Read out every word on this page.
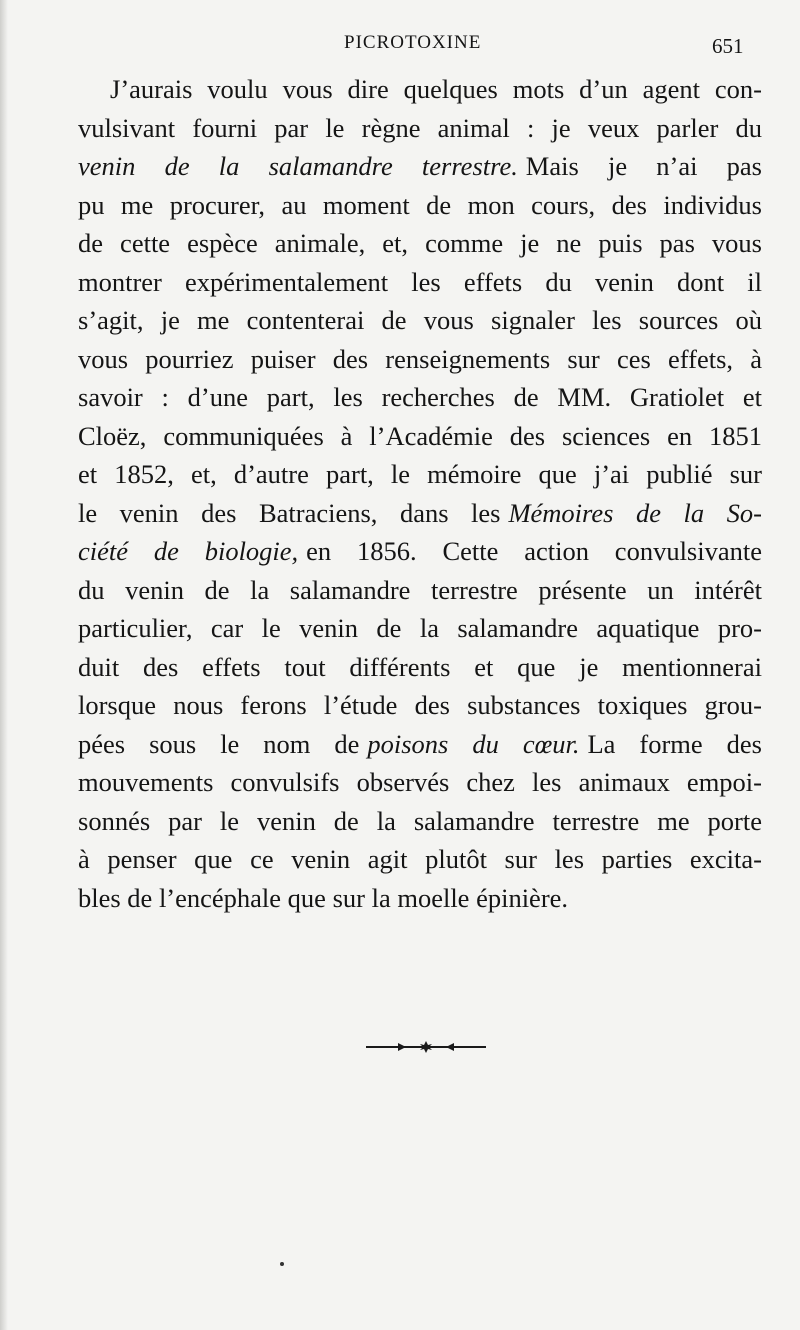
PICROTOXINE	651
J’aurais voulu vous dire quelques mots d’un agent con-
vulsivant fourni par le règne animal : je veux parler du
venin de la salamandre terrestre. Mais je n’ai pas
pu me procurer, au moment de mon cours, des individus
de cette espèce animale, et, comme je ne puis pas vous
montrer expérimentalement les effets du venin dont il
s’agit, je me contenterai de vous signaler les sources où
vous pourriez puiser des renseignements sur ces effets, à
savoir : d’une part, les recherches de MM. Gratiolet et
Cloëz, communiquées à l’Académie des sciences en 1851
et 1852, et, d’autre part, le mémoire que j’ai publié sur
le venin des Batraciens, dans les Mémoires de la So-
ciété de biologie, en 1856. Cette action convulsivante
du venin de la salamandre terrestre présente un intérêt
particulier, car le venin de la salamandre aquatique pro-
duit des effets tout différents et que je mentionnerai
lorsque nous ferons l’étude des substances toxiques grou-
pées sous le nom de poisons du cœur. La forme des
mouvements convulsifs observés chez les animaux empoi-
sonnés par le venin de la salamandre terrestre me porte
à penser que ce venin agit plutôt sur les parties excita-
bles de l’encéphale que sur la moelle épinière.
